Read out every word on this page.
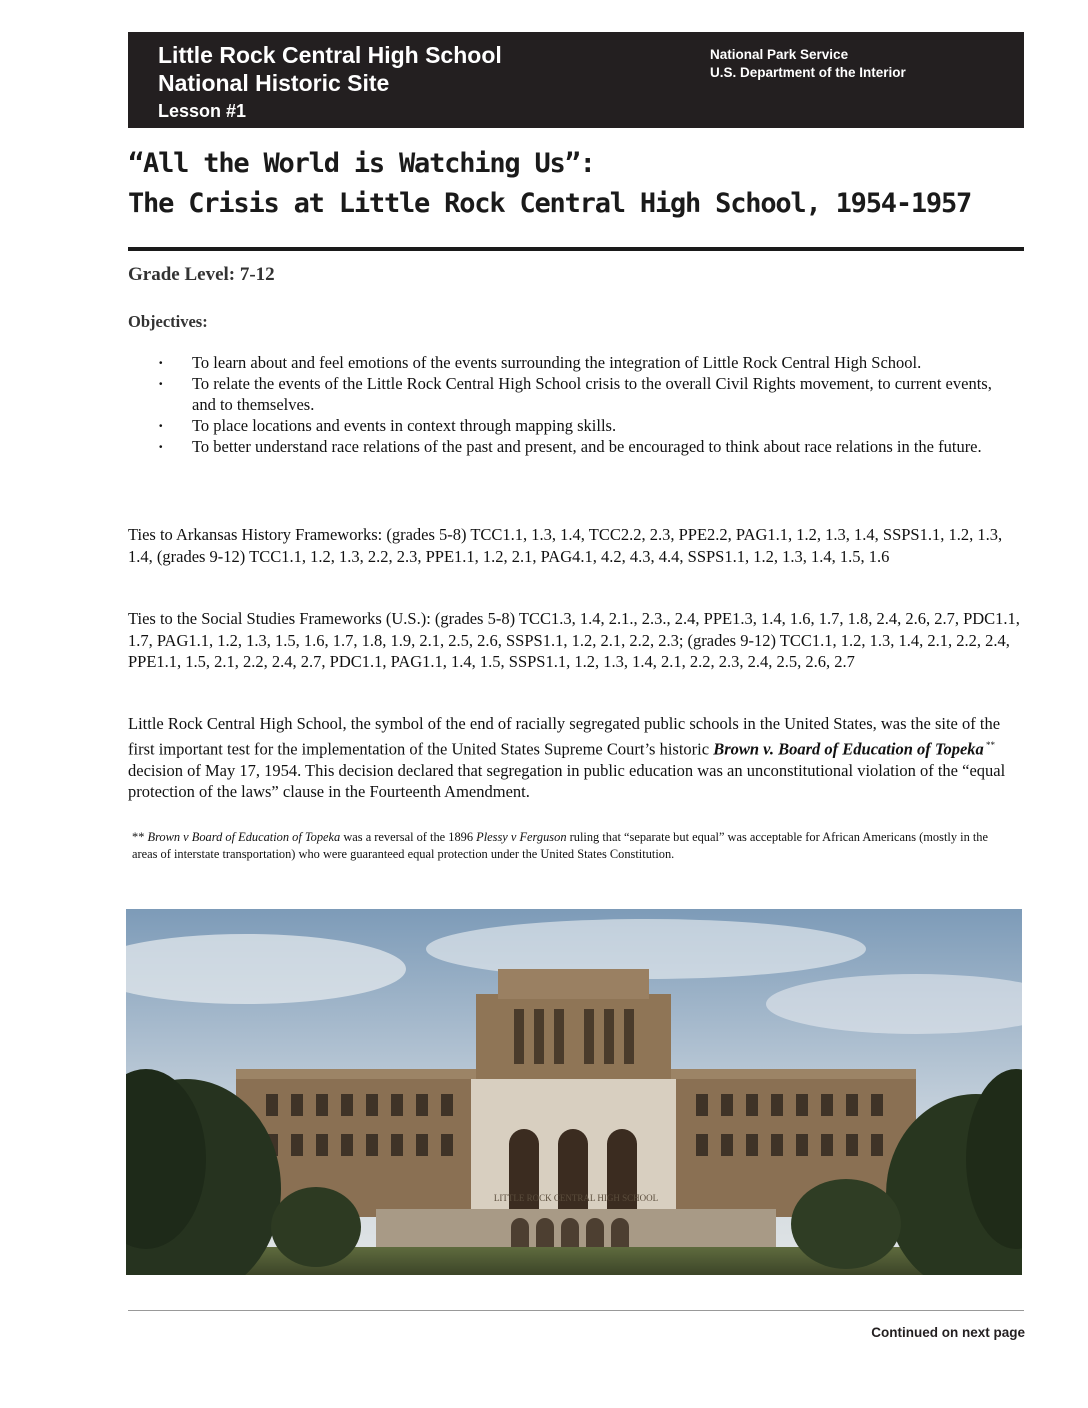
Little Rock Central High School
National Historic Site
Lesson #1
National Park Service
U.S. Department of the Interior
“All the World is Watching Us”:
The Crisis at Little Rock Central High School, 1954-1957
Grade Level: 7-12
Objectives:
· To learn about and feel emotions of the events surrounding the integration of Little Rock Central High School.
· To relate the events of the Little Rock Central High School crisis to the overall Civil Rights movement, to current events, and to themselves.
· To place locations and events in context through mapping skills.
· To better understand race relations of the past and present, and be encouraged to think about race relations in the future.
Ties to Arkansas History Frameworks: (grades 5-8) TCC1.1, 1.3, 1.4, TCC2.2, 2.3, PPE2.2, PAG1.1, 1.2, 1.3, 1.4, SSPS1.1, 1.2, 1.3, 1.4, (grades 9-12) TCC1.1, 1.2, 1.3, 2.2, 2.3, PPE1.1, 1.2, 2.1, PAG4.1, 4.2, 4.3, 4.4, SSPS1.1, 1.2, 1.3, 1.4, 1.5, 1.6
Ties to the Social Studies Frameworks (U.S.): (grades 5-8) TCC1.3, 1.4, 2.1., 2.3., 2.4, PPE1.3, 1.4, 1.6, 1.7, 1.8, 2.4, 2.6, 2.7, PDC1.1, 1.7, PAG1.1, 1.2, 1.3, 1.5, 1.6, 1.7, 1.8, 1.9, 2.1, 2.5, 2.6, SSPS1.1, 1.2, 2.1, 2.2, 2.3; (grades 9-12) TCC1.1, 1.2, 1.3, 1.4, 2.1, 2.2, 2.4, PPE1.1, 1.5, 2.1, 2.2, 2.4, 2.7, PDC1.1, PAG1.1, 1.4, 1.5, SSPS1.1, 1.2, 1.3, 1.4, 2.1, 2.2, 2.3, 2.4, 2.5, 2.6, 2.7
Little Rock Central High School, the symbol of the end of racially segregated public schools in the United States, was the site of the first important test for the implementation of the United States Supreme Court’s historic Brown v. Board of Education of Topeka ** decision of May 17, 1954. This decision declared that segregation in public education was an unconstitutional violation of the “equal protection of the laws” clause in the Fourteenth Amendment.
** Brown v Board of Education of Topeka was a reversal of the 1896 Plessy v Ferguson ruling that “separate but equal” was acceptable for African Americans (mostly in the areas of interstate transportation) who were guaranteed equal protection under the United States Constitution.
LITTLE ROCK CENTRAL HIGH SCHOOL
Continued on next page
